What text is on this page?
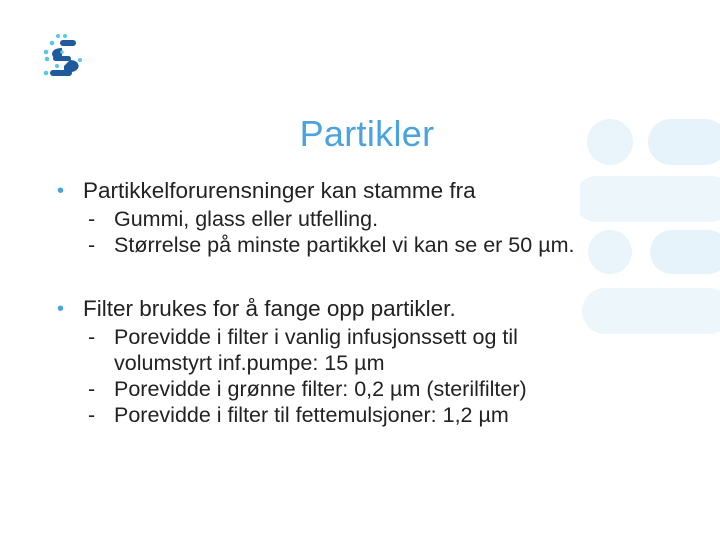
Partikler
• Partikkelforurensninger kan stamme fra
- Gummi, glass eller utfelling.
- Størrelse på minste partikkel vi kan se er 50 µm.
• Filter brukes for å fange opp partikler.
- Porevidde i filter i vanlig infusjonssett og til volumstyrt inf.pumpe: 15 µm
- Porevidde i grønne filter: 0,2 µm (sterilfilter)
- Porevidde i filter til fettemulsjoner: 1,2 µm
